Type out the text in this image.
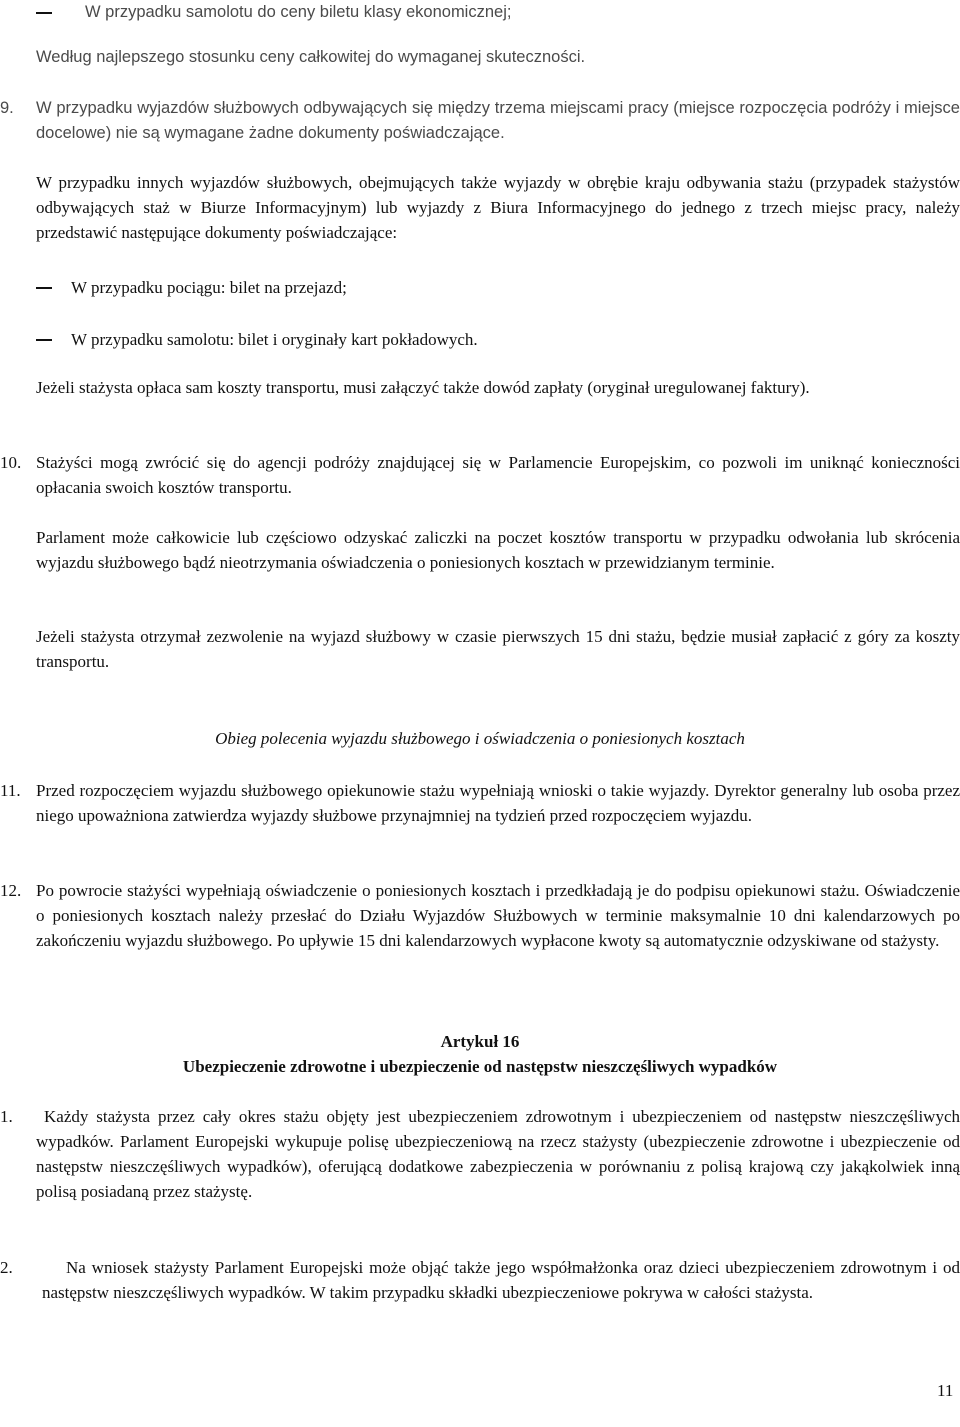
W przypadku samolotu do ceny biletu klasy ekonomicznej;

Według najlepszego stosunku ceny całkowitej do wymaganej skuteczności.

9. W przypadku wyjazdów służbowych odbywających się między trzema miejscami pracy (miejsce rozpoczęcia podróży i miejsce docelowe) nie są wymagane żadne dokumenty poświadczające.

W przypadku innych wyjazdów służbowych, obejmujących także wyjazdy w obrębie kraju odbywania stażu (przypadek stażystów odbywających staż w Biurze Informacyjnym) lub wyjazdy z Biura Informacyjnego do jednego z trzech miejsc pracy, należy przedstawić następujące dokumenty poświadczające:

W przypadku pociągu: bilet na przejazd;

W przypadku samolotu: bilet i oryginały kart pokładowych.

Jeżeli stażysta opłaca sam koszty transportu, musi załączyć także dowód zapłaty (oryginał uregulowanej faktury).

10. Stażyści mogą zwrócić się do agencji podróży znajdującej się w Parlamencie Europejskim, co pozwoli im uniknąć konieczności opłacania swoich kosztów transportu.

Parlament może całkowicie lub częściowo odzyskać zaliczki na poczet kosztów transportu w przypadku odwołania lub skrócenia wyjazdu służbowego bądź nieotrzymania oświadczenia o poniesionych kosztach w przewidzianym terminie.

Jeżeli stażysta otrzymał zezwolenie na wyjazd służbowy w czasie pierwszych 15 dni stażu, będzie musiał zapłacić z góry za koszty transportu.

Obieg polecenia wyjazdu służbowego i oświadczenia o poniesionych kosztach
11. Przed rozpoczęciem wyjazdu służbowego opiekunowie stażu wypełniają wnioski o takie wyjazdy. Dyrektor generalny lub osoba przez niego upoważniona zatwierdza wyjazdy służbowe przynajmniej na tydzień przed rozpoczęciem wyjazdu.

12. Po powrocie stażyści wypełniają oświadczenie o poniesionych kosztach i przedkładają je do podpisu opiekunowi stażu. Oświadczenie o poniesionych kosztach należy przesłać do Działu Wyjazdów Służbowych w terminie maksymalnie 10 dni kalendarzowych po zakończeniu wyjazdu służbowego. Po upływie 15 dni kalendarzowych wypłacone kwoty są automatycznie odzyskiwane od stażysty.

Artykuł 16
Ubezpieczenie zdrowotne i ubezpieczenie od następstw nieszczęśliwych wypadków
1.	Każdy stażysta przez cały okres stażu objęty jest ubezpieczeniem zdrowotnym i ubezpieczeniem od następstw nieszczęśliwych wypadków. Parlament Europejski wykupuje polisę ubezpieczeniową na rzecz stażysty (ubezpieczenie zdrowotne i ubezpieczenie od następstw nieszczęśliwych wypadków), oferującą dodatkowe zabezpieczenia w porównaniu z polisą krajową czy jakąkolwiek inną polisą posiadaną przez stażystę.

2.	Na wniosek stażysty Parlament Europejski może objąć także jego współmałżonka oraz dzieci ubezpieczeniem zdrowotnym i od następstw nieszczęśliwych wypadków. W takim przypadku składki ubezpieczeniowe pokrywa w całości stażysta.

11
